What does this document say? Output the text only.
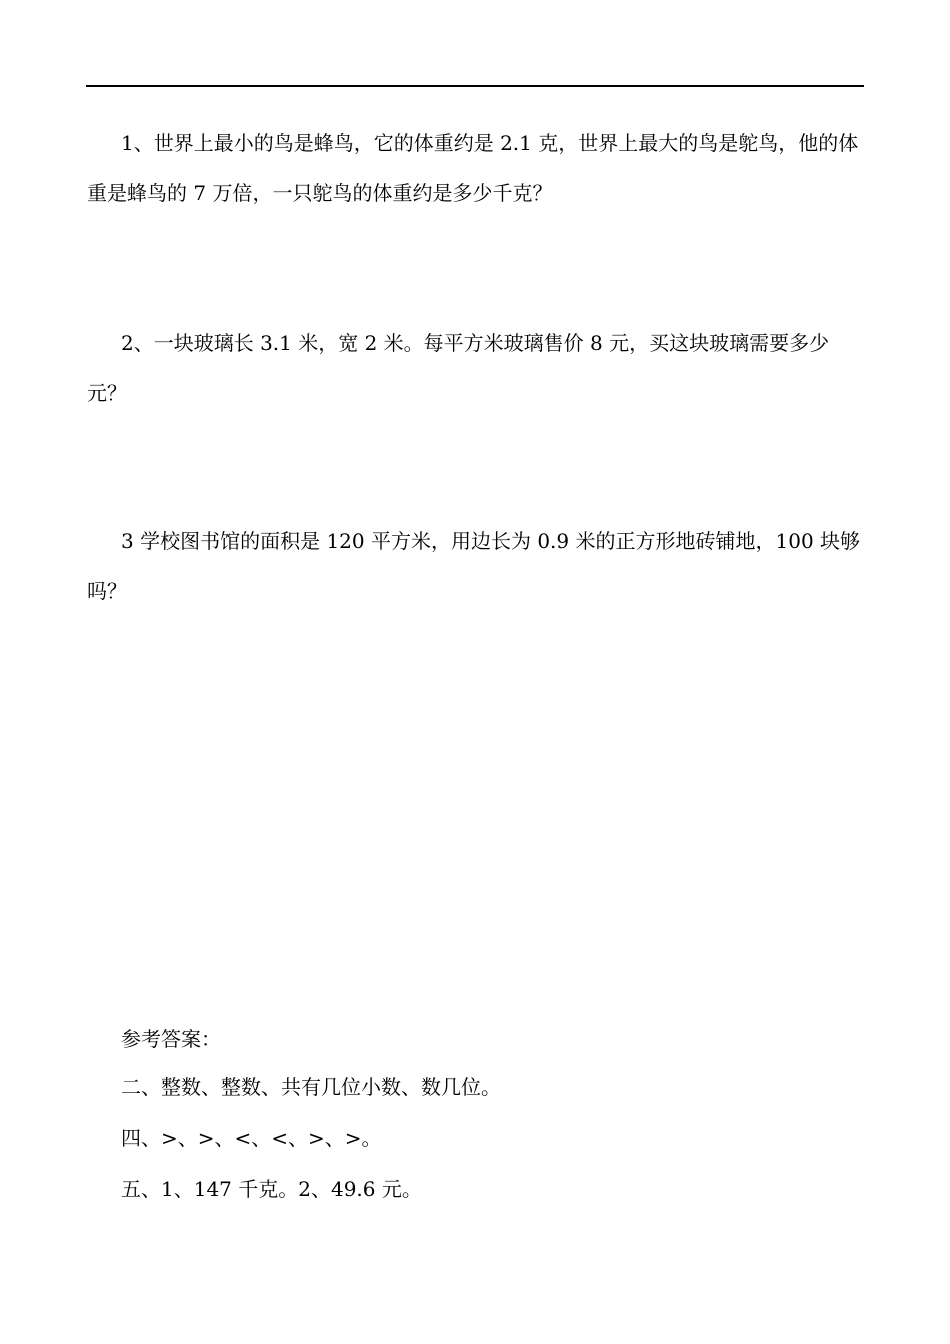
1、世界上最小的鸟是蜂鸟，它的体重约是 2.1 克，世界上最大的鸟是鸵鸟，他的体重是蜂鸟的 7 万倍，一只鸵鸟的体重约是多少千克？
2、一块玻璃长 3.1 米，宽 2 米。每平方米玻璃售价 8 元，买这块玻璃需要多少元？
3 学校图书馆的面积是 120 平方米，用边长为 0.9 米的正方形地砖铺地，100 块够吗？
参考答案：
二、整数、整数、共有几位小数、数几位。
四、>、>、<、<、>、>。
五、1、147 千克。2、49.6 元。
